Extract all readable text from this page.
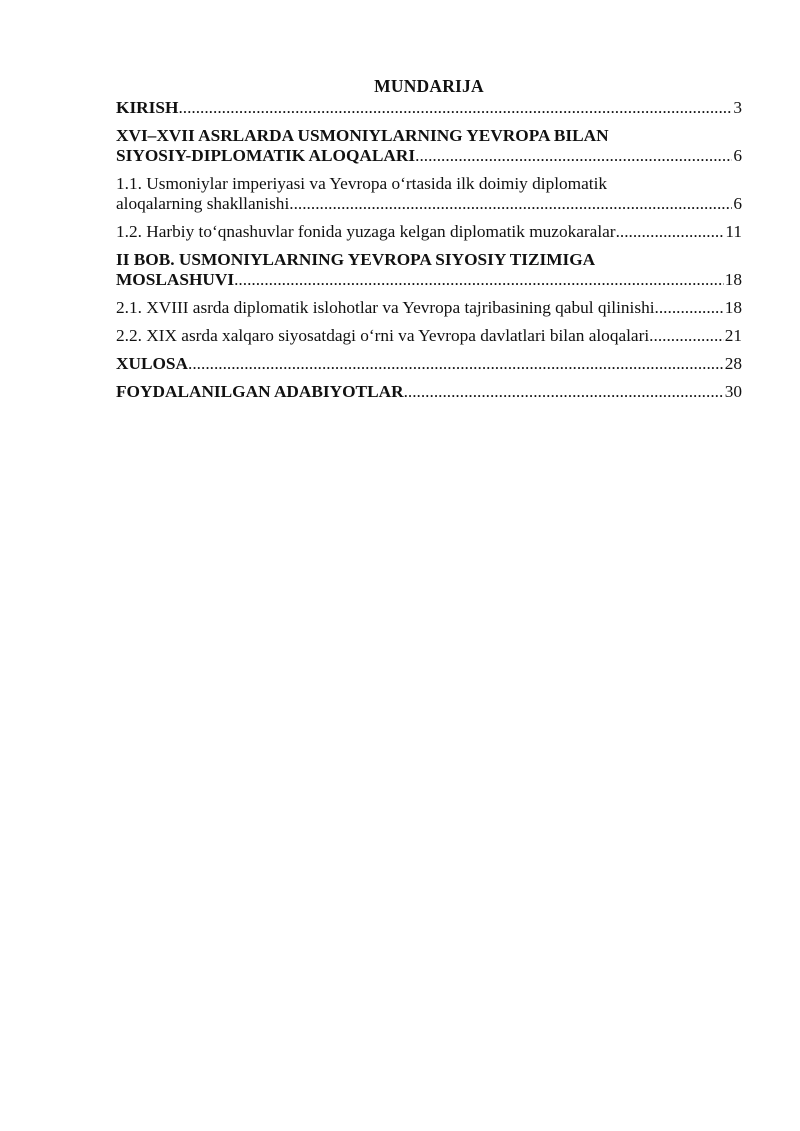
MUNDARIJA
KIRISH .....	3
XVI–XVII ASRLARDA USMONIYLARNING YEVROPA BILAN
SIYOSIY-DIPLOMATIK ALOQALARI .....	6
1.1. Usmoniylar imperiyasi va Yevropa o‘rtasida ilk doimiy diplomatik
aloqalarning shakllanishi .....	6
1.2. Harbiy to‘qnashuvlar fonida yuzaga kelgan diplomatik muzokaralar .....	11
II BOB. USMONIYLARNING YEVROPA SIYOSIY TIZIMIGA
MOSLASHUVI .....	18
2.1. XVIII asrda diplomatik islohotlar va Yevropa tajribasining qabul qilinishi .....	18
2.2. XIX asrda xalqaro siyosatdagi o‘rni va Yevropa davlatlari bilan aloqalari .....	21
XULOSA .....	28
FOYDALANILGAN ADABIYOTLAR .....	30
